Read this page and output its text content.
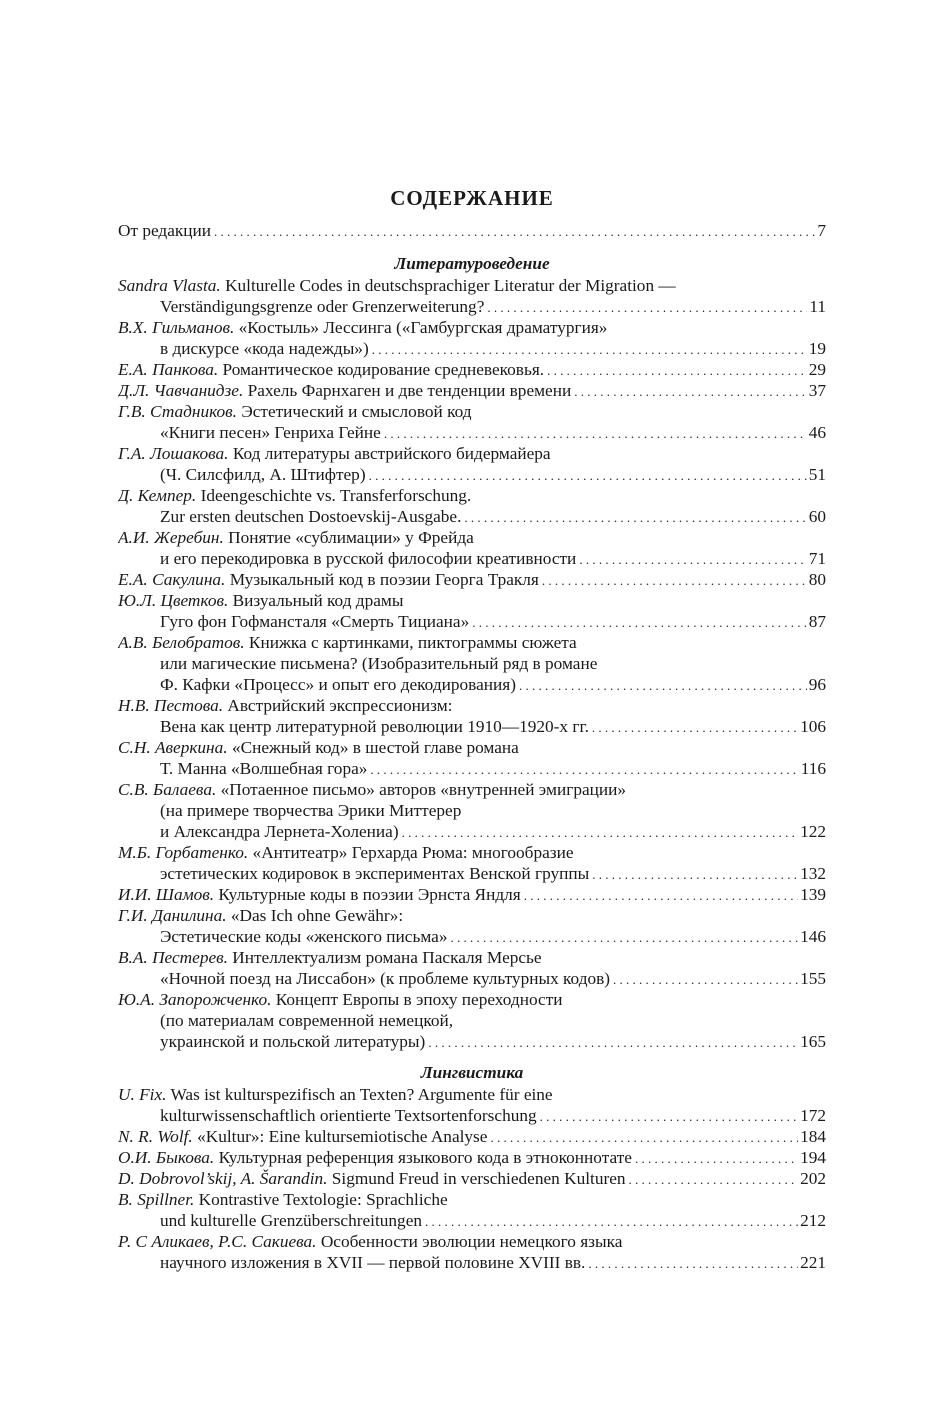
СОДЕРЖАНИЕ
От редакции . . .	7
Литературоведение
Sandra Vlasta. Kulturelle Codes in deutschsprachiger Literatur der Migration —
Verständigungsgrenze oder Grenzerweiterung? . . .	11
В.Х. Гильманов. «Костыль» Лессинга («Гамбургская драматургия»
в дискурсе «кода надежды») . . .	19
Е.А. Панкова. Романтическое кодирование средневековья. . . .	29
Д.Л. Чавчанидзе. Рахель Фарнхаген и две тенденции времени . . .	37
Г.В. Стадников. Эстетический и смысловой код
«Книги песен» Генриха Гейне . . .	46
Г.А. Лошакова. Код литературы австрийского бидермайера
(Ч. Силсфилд, А. Штифтер) . . .	51
Д. Кемпер. Ideengeschichte vs. Transferforschung.
Zur ersten deutschen Dostoevskij-Ausgabe. . . .	60
А.И. Жеребин. Понятие «сублимации» у Фрейда
и его перекодировка в русской философии креативности . . .	71
Е.А. Сакулина. Музыкальный код в поэзии Георга Тракля . . .	80
Ю.Л. Цветков. Визуальный код драмы
Гуго фон Гофмансталя «Смерть Тициана» . . .	87
А.В. Белобратов. Книжка с картинками, пиктограммы сюжета
или магические письмена? (Изобразительный ряд в романе
Ф. Кафки «Процесс» и опыт его декодирования) . . .	96
Н.В. Пестова. Австрийский экспрессионизм:
Вена как центр литературной революции 1910—1920-х гг. . . .	106
С.Н. Аверкина. «Снежный код» в шестой главе романа
Т. Манна «Волшебная гора» . . .	116
С.В. Балаева. «Потаенное письмо» авторов «внутренней эмиграции»
(на примере творчества Эрики Миттерер
и Александра Лернета-Холениа) . . .	122
М.Б. Горбатенко. «Антитеатр» Герхарда Рюма: многообразие
эстетических кодировок в экспериментах Венской группы . . .	132
И.И. Шамов. Культурные коды в поэзии Эрнста Яндля . . .	139
Г.И. Данилина. «Das Ich ohne Gewähr»:
Эстетические коды «женского письма» . . .	146
В.А. Пестерев. Интеллектуализм романа Паскаля Мерсье
«Ночной поезд на Лиссабон» (к проблеме культурных кодов) . . .	155
Ю.А. Запорожченко. Концепт Европы в эпоху переходности
(по материалам современной немецкой,
украинской и польской литературы) . . .	165
Лингвистика
U. Fix. Was ist kulturspezifisch an Texten? Argumente für eine
kulturwissenschaftlich orientierte Textsortenforschung . . .	172
N. R. Wolf. «Kultur»: Eine kultursemiotische Analyse . . .	184
О.И. Быкова. Культурная референция языкового кода в этноконнотате . . .	194
D. Dobrovol’skij, A. Šarandin. Sigmund Freud in verschiedenen Kulturen . . .	202
B. Spillner. Kontrastive Textologie: Sprachliche
und kulturelle Grenzüberschreitungen . . .	212
Р. С Аликаев, Р.С. Сакиева. Особенности эволюции немецкого языка
научного изложения в XVII — первой половине XVIII вв. . . .	221
